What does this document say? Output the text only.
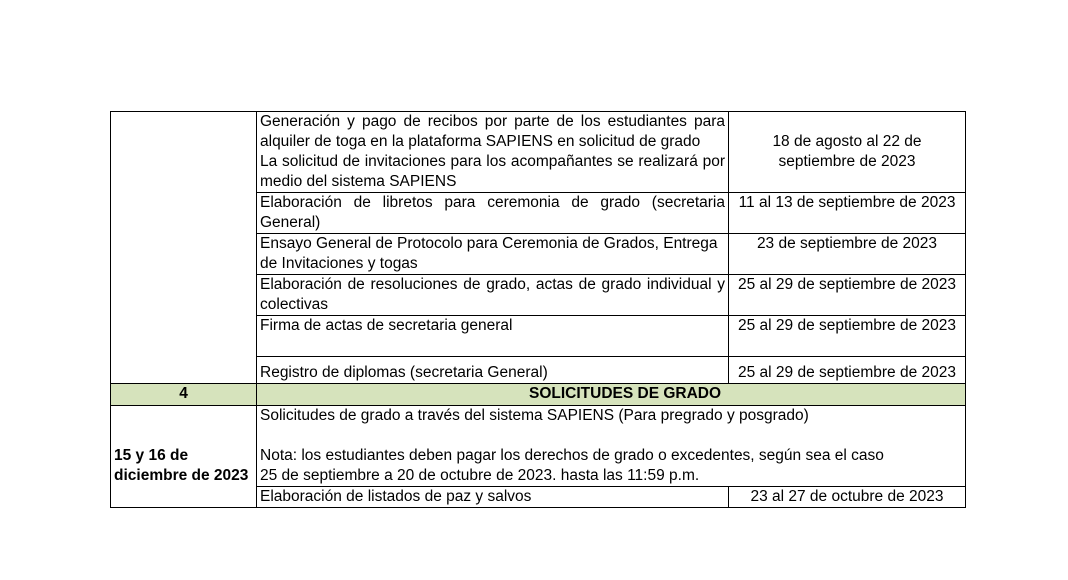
	Generación y pago de recibos por parte de los estudiantes para alquiler de toga en la plataforma SAPIENS en solicitud de grado
La solicitud de invitaciones para los acompañantes se realizará por medio del sistema SAPIENS	18 de agosto al 22 de septiembre de 2023
	Elaboración de libretos para ceremonia de grado (secretaria General)	11 al 13 de septiembre de 2023
	Ensayo General de Protocolo para Ceremonia de Grados, Entrega de Invitaciones y togas	23 de septiembre de 2023
	Elaboración de resoluciones de grado, actas de grado individual y colectivas	25 al 29 de septiembre de 2023
	Firma de actas de secretaria general	25 al 29 de septiembre de 2023
	Registro de diplomas (secretaria General)	25 al 29 de septiembre de 2023
4	SOLICITUDES DE GRADO	
15 y 16 de diciembre de 2023	Solicitudes de grado a través del sistema SAPIENS (Para pregrado y posgrado)
Nota: los estudiantes deben pagar los derechos de grado o excedentes, según sea el caso
25 de septiembre a 20 de octubre de 2023. hasta las 11:59 p.m.	

	Elaboración de listados de paz y salvos	23 al 27 de octubre de 2023
